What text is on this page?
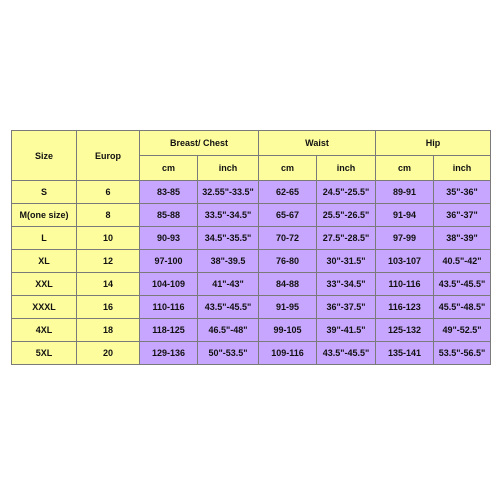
Size	Europ	Breast/ Chest		Waist		Hip	
		cm	inch	cm	inch	cm	inch
S	6	83-85	32.55"-33.5"	62-65	24.5"-25.5"	89-91	35"-36"
M(one size)	8	85-88	33.5"-34.5"	65-67	25.5"-26.5"	91-94	36"-37"
L	10	90-93	34.5"-35.5"	70-72	27.5"-28.5"	97-99	38"-39"
XL	12	97-100	38"-39.5	76-80	30"-31.5"	103-107	40.5"-42"
XXL	14	104-109	41"-43"	84-88	33"-34.5"	110-116	43.5"-45.5"
XXXL	16	110-116	43.5"-45.5"	91-95	36"-37.5"	116-123	45.5"-48.5"
4XL	18	118-125	46.5"-48"	99-105	39"-41.5"	125-132	49"-52.5"
5XL	20	129-136	50"-53.5"	109-116	43.5"-45.5"	135-141	53.5"-56.5"
